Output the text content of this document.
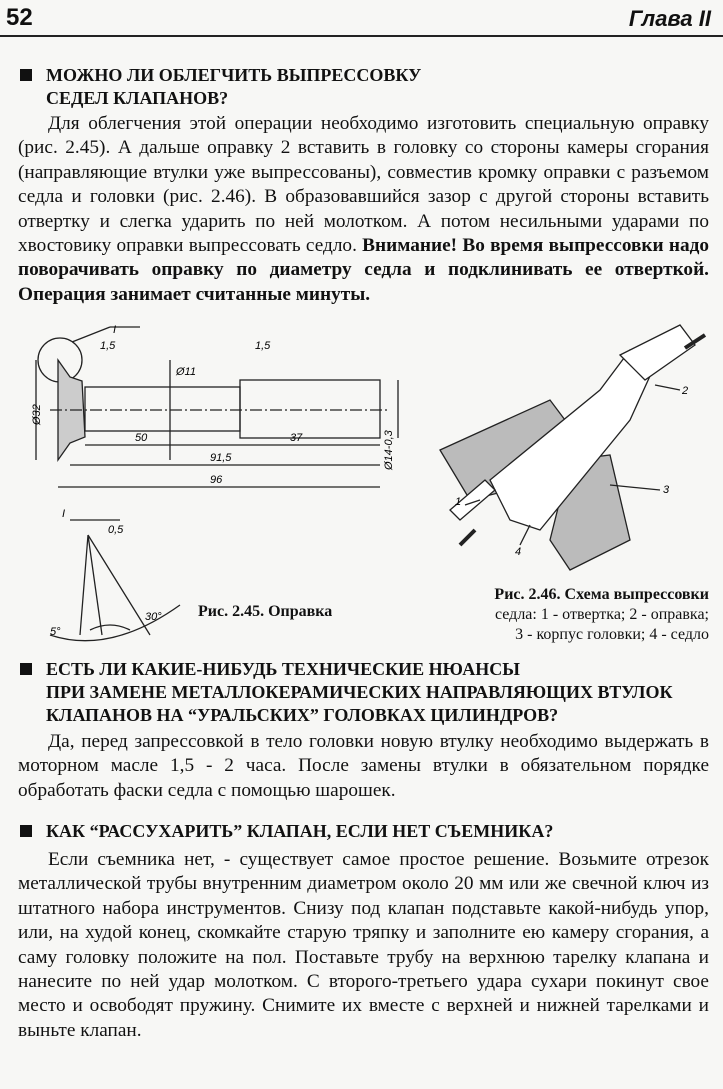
52	Глава II
МОЖНО ЛИ ОБЛЕГЧИТЬ ВЫПРЕССОВКУ
СЕДЕЛ КЛАПАНОВ?
Для облегчения этой операции необходимо изготовить специальную оправку (рис. 2.45). А дальше оправку 2 вставить в головку со стороны камеры сгорания (направляющие втулки уже выпрессованы), совместив кромку оправки с разъемом седла и головки (рис. 2.46). В образовавшийся зазор с другой стороны вставить отвертку и слегка ударить по ней молотком. А потом несильными ударами по хвостовику оправки выпрессовать седло. Внимание! Во время выпрессовки надо поворачивать оправку по диаметру седла и подклинивать ее отверткой. Операция занимает считанные минуты.
Ø32
1,5
I
Ø11
1,5
50	37
91,5
96
Ø14-0,3
I
0,5
30°
5°
Рис. 2.45. Оправка
2
3
1
4
Рис. 2.46. Схема выпрессовки
седла: 1 - отвертка; 2 - оправка;
3 - корпус головки; 4 - седло
ЕСТЬ ЛИ КАКИЕ-НИБУДЬ ТЕХНИЧЕСКИЕ НЮАНСЫ
ПРИ ЗАМЕНЕ МЕТАЛЛОКЕРАМИЧЕСКИХ НАПРАВЛЯЮЩИХ ВТУЛОК
КЛАПАНОВ НА “УРАЛЬСКИХ” ГОЛОВКАХ ЦИЛИНДРОВ?
Да, перед запрессовкой в тело головки новую втулку необходимо выдержать в моторном масле 1,5 - 2 часа. После замены втулки в обязательном порядке обработать фаски седла с помощью шарошек.
КАК “РАССУХАРИТЬ” КЛАПАН, ЕСЛИ НЕТ СЪЕМНИКА?
Если съемника нет, - существует самое простое решение. Возьмите отрезок металлической трубы внутренним диаметром около 20 мм или же свечной ключ из штатного набора инструментов. Снизу под клапан подставьте какой-нибудь упор, или, на худой конец, скомкайте старую тряпку и заполните ею камеру сгорания, а саму головку положите на пол. Поставьте трубу на верхнюю тарелку клапана и нанесите по ней удар молотком. С второго-третьего удара сухари покинут свое место и освободят пружину. Снимите их вместе с верхней и нижней тарелками и выньте клапан.
